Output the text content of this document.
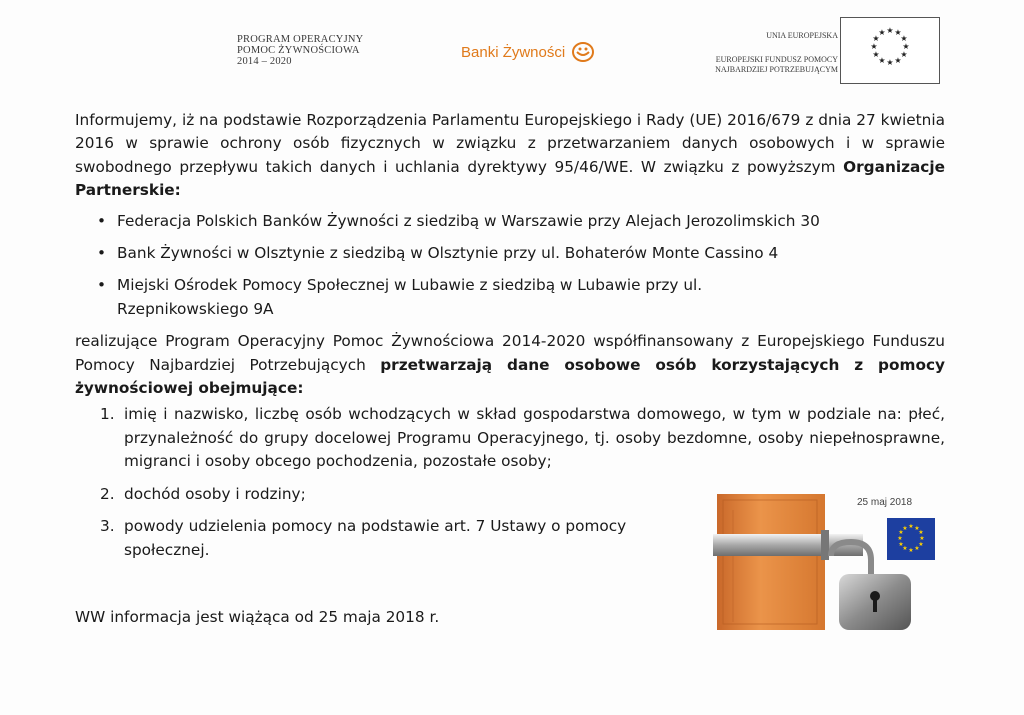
PROGRAM OPERACYJNY
POMOC ŻYWNOŚCIOWA
2014 – 2020
Banki Żywności
UNIA EUROPEJSKA
EUROPEJSKI FUNDUSZ POMOCY
NAJBARDZIEJ POTRZEBUJĄCYM
★ ★
★
★
★
★
★
★
★
★
★
★

Informujemy, iż na podstawie Rozporządzenia Parlamentu Europejskiego i Rady (UE) 2016/679 z dnia 27 kwietnia 2016 w sprawie ochrony osób fizycznych w związku z przetwarzaniem danych osobowych i w sprawie swobodnego przepływu takich danych i uchlania dyrektywy 95/46/WE. W związku z powyższym Organizacje Partnerskie:

• Federacja Polskich Banków Żywności z siedzibą w Warszawie przy Alejach Jerozolimskich 30
• Bank Żywności w Olsztynie z siedzibą w Olsztynie przy ul. Bohaterów Monte Cassino 4
• Miejski Ośrodek Pomocy Społecznej w Lubawie z siedzibą w Lubawie przy ul. Rzepnikowskiego 9A

realizujące Program Operacyjny Pomoc Żywnościowa 2014-2020 współfinansowany z Europejskiego Funduszu Pomocy Najbardziej Potrzebujących przetwarzają dane osobowe osób korzystających z pomocy żywnościowej obejmujące:

1. imię i nazwisko, liczbę osób wchodzących w skład gospodarstwa domowego, w tym w podziale na: płeć, przynależność do grupy docelowej Programu Operacyjnego, tj. osoby bezdomne, osoby niepełnosprawne, migranci i osoby obcego pochodzenia, pozostałe osoby;
2. dochód osoby i rodziny;
3. powody udzielenia pomocy na podstawie art. 7 Ustawy o pomocy społecznej.
WW informacja jest wiążąca od 25 maja 2018 r.
★ ★
★
★
★
★
★
★
★
★
★
★
25 maj 2018
